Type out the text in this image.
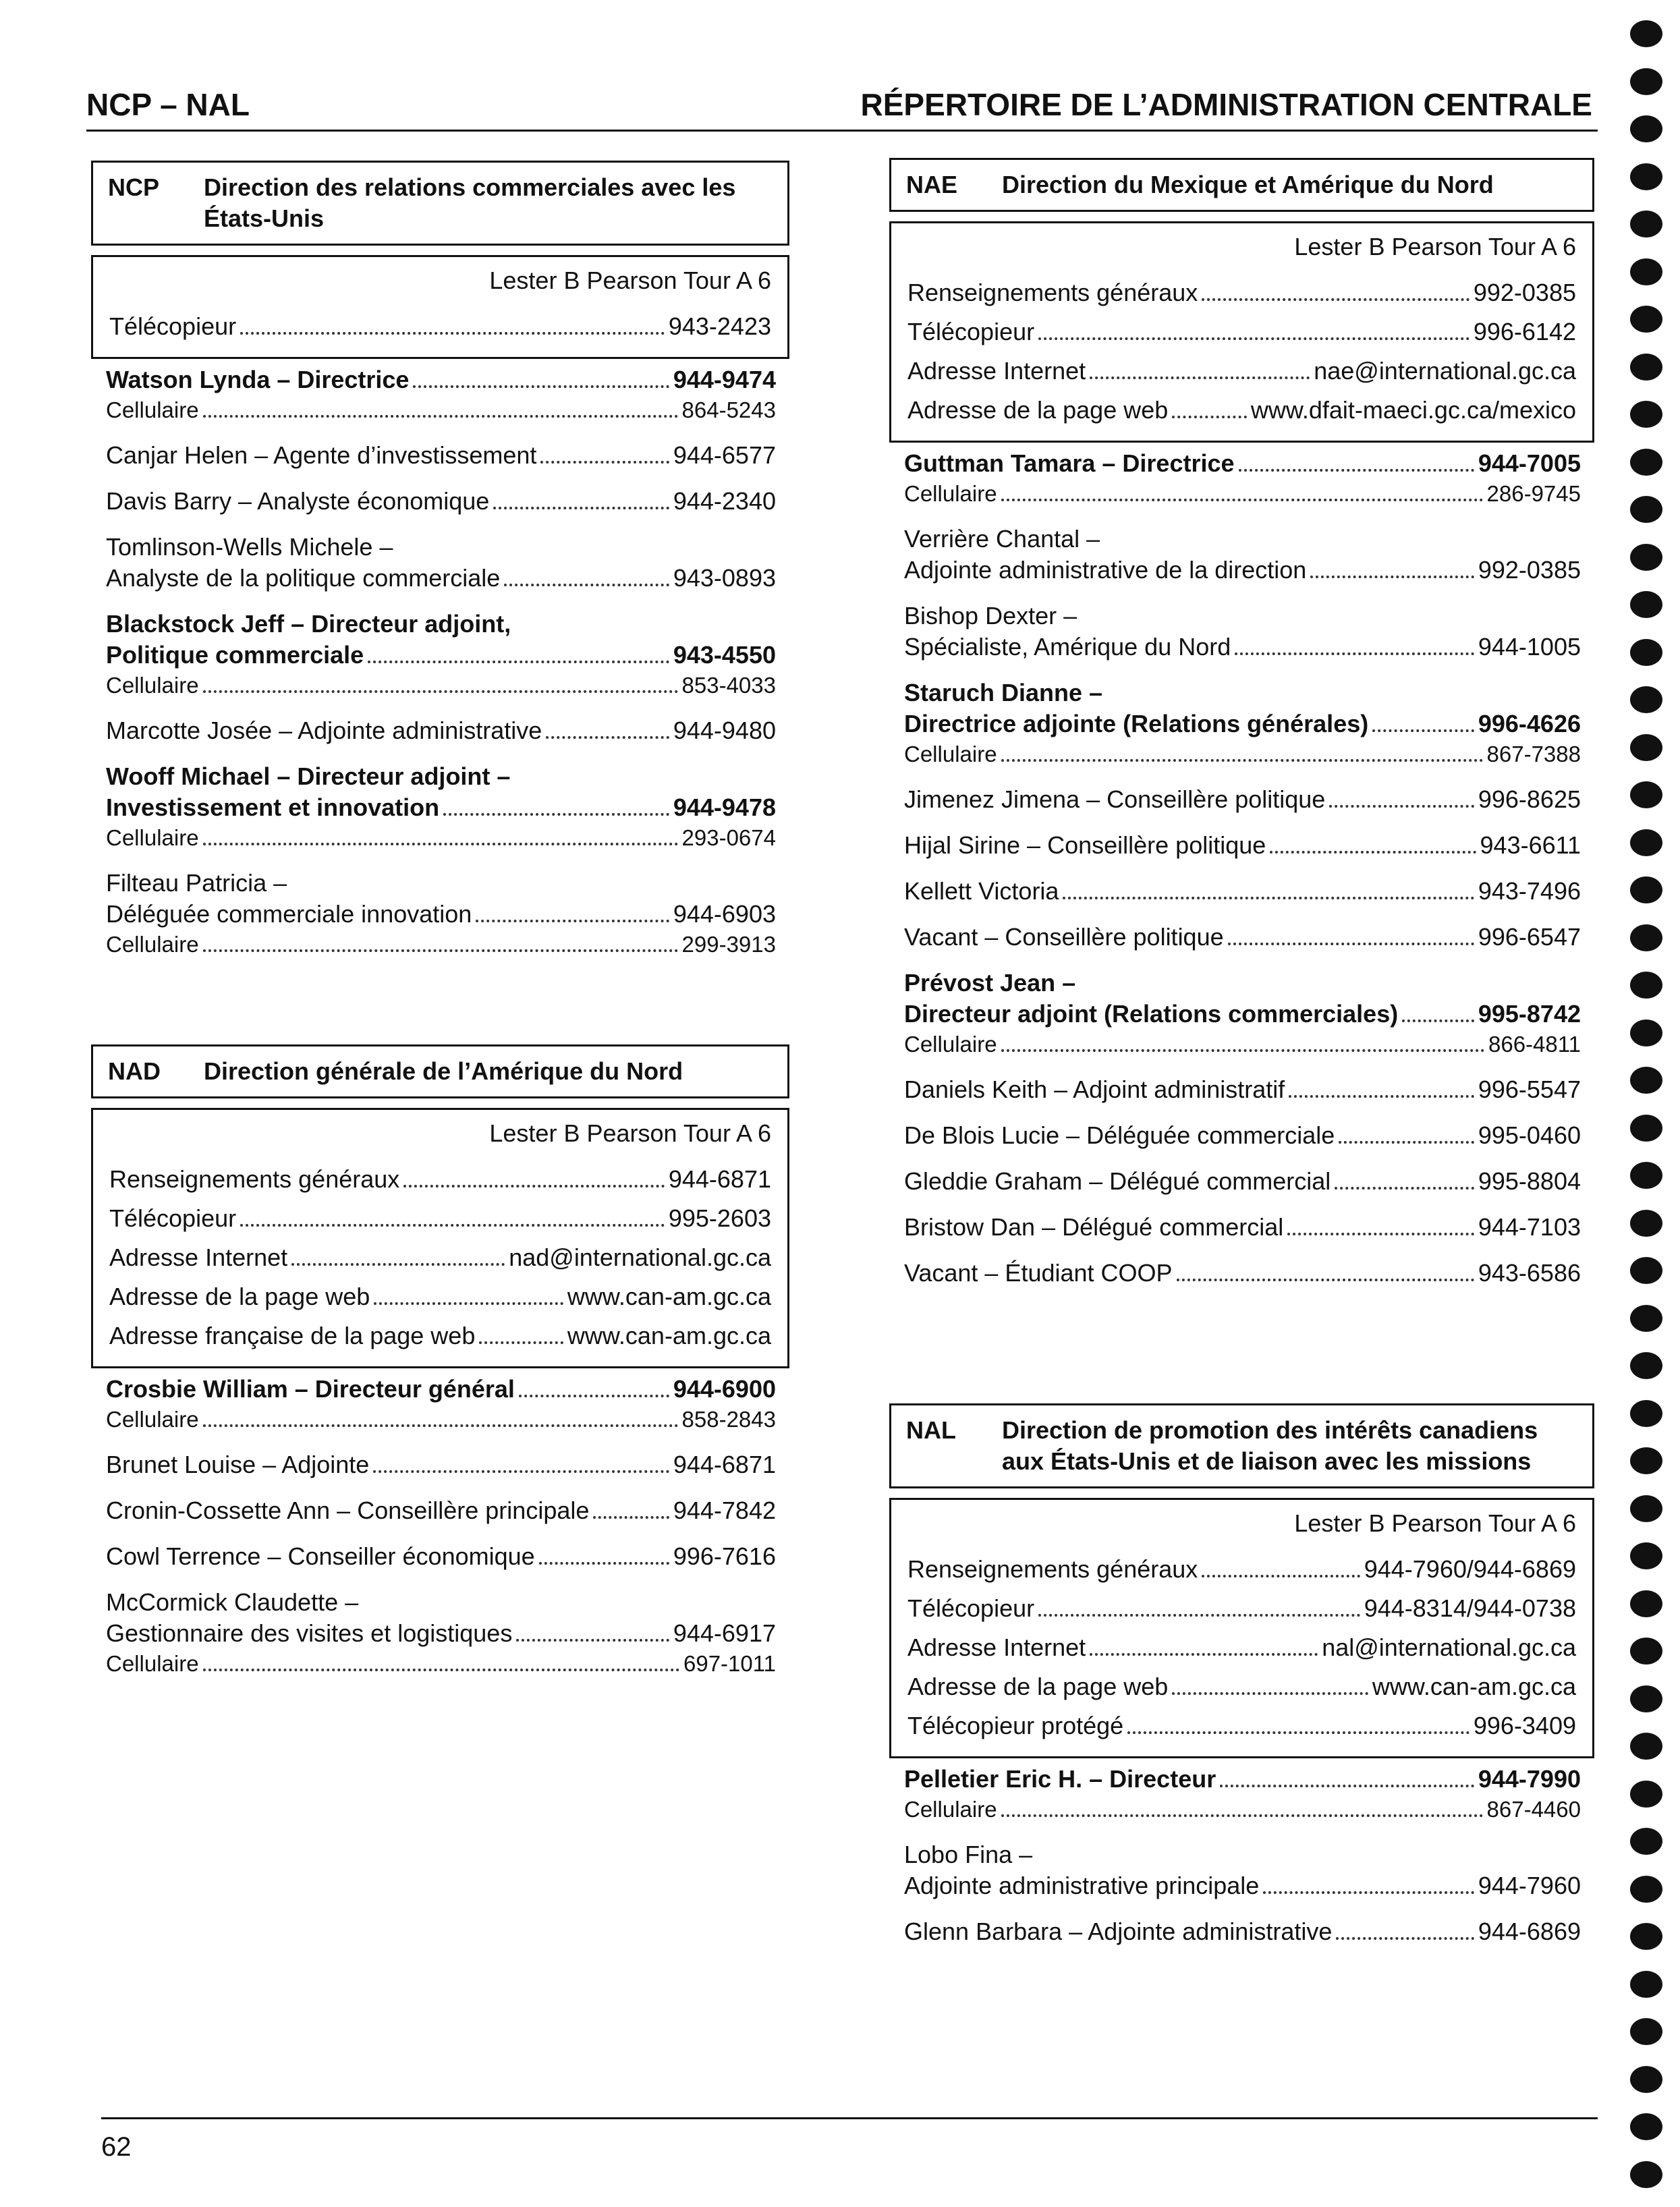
NCP – NAL	RÉPERTOIRE DE L’ADMINISTRATION CENTRALE
NCP	Direction des relations commerciales avec les États-Unis
Lester B Pearson Tour A 6
Télécopieur	943-2423
Watson Lynda – Directrice	944-9474
Cellulaire	864-5243
Canjar Helen – Agente d’investissement	944-6577
Davis Barry – Analyste économique	944-2340
Tomlinson-Wells Michele –
Analyste de la politique commerciale	943-0893
Blackstock Jeff – Directeur adjoint,
Politique commerciale	943-4550
Cellulaire	853-4033
Marcotte Josée – Adjointe administrative	944-9480
Wooff Michael – Directeur adjoint –
Investissement et innovation	944-9478
Cellulaire	293-0674
Filteau Patricia –
Déléguée commerciale innovation	944-6903
Cellulaire	299-3913
NAD	Direction générale de l’Amérique du Nord
Lester B Pearson Tour A 6
Renseignements généraux	944-6871
Télécopieur	995-2603
Adresse Internet	nad@international.gc.ca
Adresse de la page web	www.can-am.gc.ca
Adresse française de la page web	www.can-am.gc.ca
Crosbie William – Directeur général	944-6900
Cellulaire	858-2843
Brunet Louise – Adjointe	944-6871
Cronin-Cossette Ann – Conseillère principale	944-7842
Cowl Terrence – Conseiller économique	996-7616
McCormick Claudette –
Gestionnaire des visites et logistiques	944-6917
Cellulaire	697-1011
NAE	Direction du Mexique et Amérique du Nord
Lester B Pearson Tour A 6
Renseignements généraux	992-0385
Télécopieur	996-6142
Adresse Internet	nae@international.gc.ca
Adresse de la page web	www.dfait-maeci.gc.ca/mexico
Guttman Tamara – Directrice	944-7005
Cellulaire	286-9745
Verrière Chantal –
Adjointe administrative de la direction	992-0385
Bishop Dexter –
Spécialiste, Amérique du Nord	944-1005
Staruch Dianne –
Directrice adjointe (Relations générales)	996-4626
Cellulaire	867-7388
Jimenez Jimena – Conseillère politique	996-8625
Hijal Sirine – Conseillère politique	943-6611
Kellett Victoria	943-7496
Vacant – Conseillère politique	996-6547
Prévost Jean –
Directeur adjoint (Relations commerciales)	995-8742
Cellulaire	866-4811
Daniels Keith – Adjoint administratif	996-5547
De Blois Lucie – Déléguée commerciale	995-0460
Gleddie Graham – Délégué commercial	995-8804
Bristow Dan – Délégué commercial	944-7103
Vacant – Étudiant COOP	943-6586
NAL	Direction de promotion des intérêts canadiens aux États-Unis et de liaison avec les missions
Lester B Pearson Tour A 6
Renseignements généraux	944-7960/944-6869
Télécopieur	944-8314/944-0738
Adresse Internet	nal@international.gc.ca
Adresse de la page web	www.can-am.gc.ca
Télécopieur protégé	996-3409
Pelletier Eric H. – Directeur	944-7990
Cellulaire	867-4460
Lobo Fina –
Adjointe administrative principale	944-7960
Glenn Barbara – Adjointe administrative	944-6869
62
